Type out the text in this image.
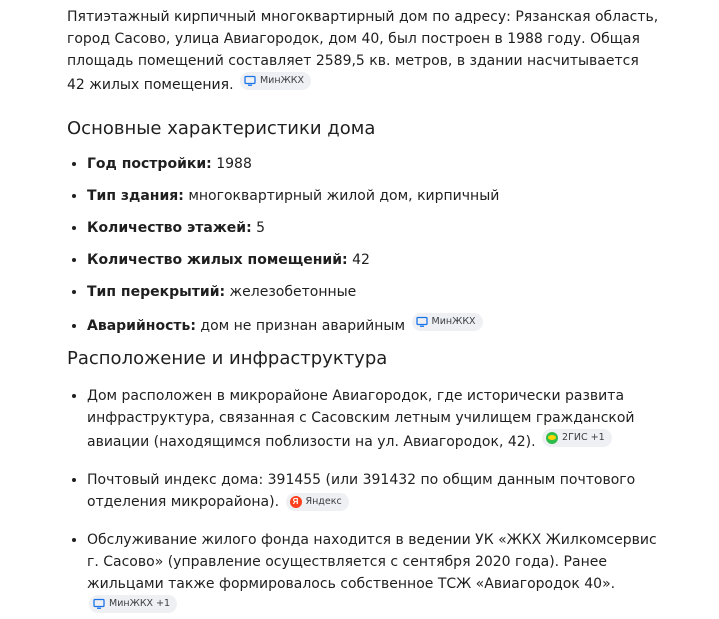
Пятиэтажный кирпичный многоквартирный дом по адресу: Рязанская область, город Сасово, улица Авиагородок, дом 40, был построен в 1988 году. Общая площадь помещений составляет 2589,5 кв. метров, в здании насчитывается 42 жилых помещения.	МинЖКХ

Основные характеристики дома
• Год постройки: 1988
• Тип здания: многоквартирный жилой дом, кирпичный
• Количество этажей: 5
• Количество жилых помещений: 42
• Тип перекрытий: железобетонные
• Аварийность: дом не признан аварийным	МинЖКХ
Расположение и инфраструктура
• Дом расположен в микрорайоне Авиагородок, где исторически развита инфраструктура, связанная с Сасовским летным училищем гражданской авиации (находящимся поблизости на ул. Авиагородок, 42).	2ГИС +1
• Почтовый индекс дома: 391455 (или 391432 по общим данным почтового отделения микрорайона).	Я Яндекс
• Обслуживание жилого фонда находится в ведении УК «ЖКХ Жилкомсервис г. Сасово» (управление осуществляется с сентября 2020 года). Ранее жильцами также формировалось собственное ТСЖ «Авиагородок 40».
МинЖКХ +1
